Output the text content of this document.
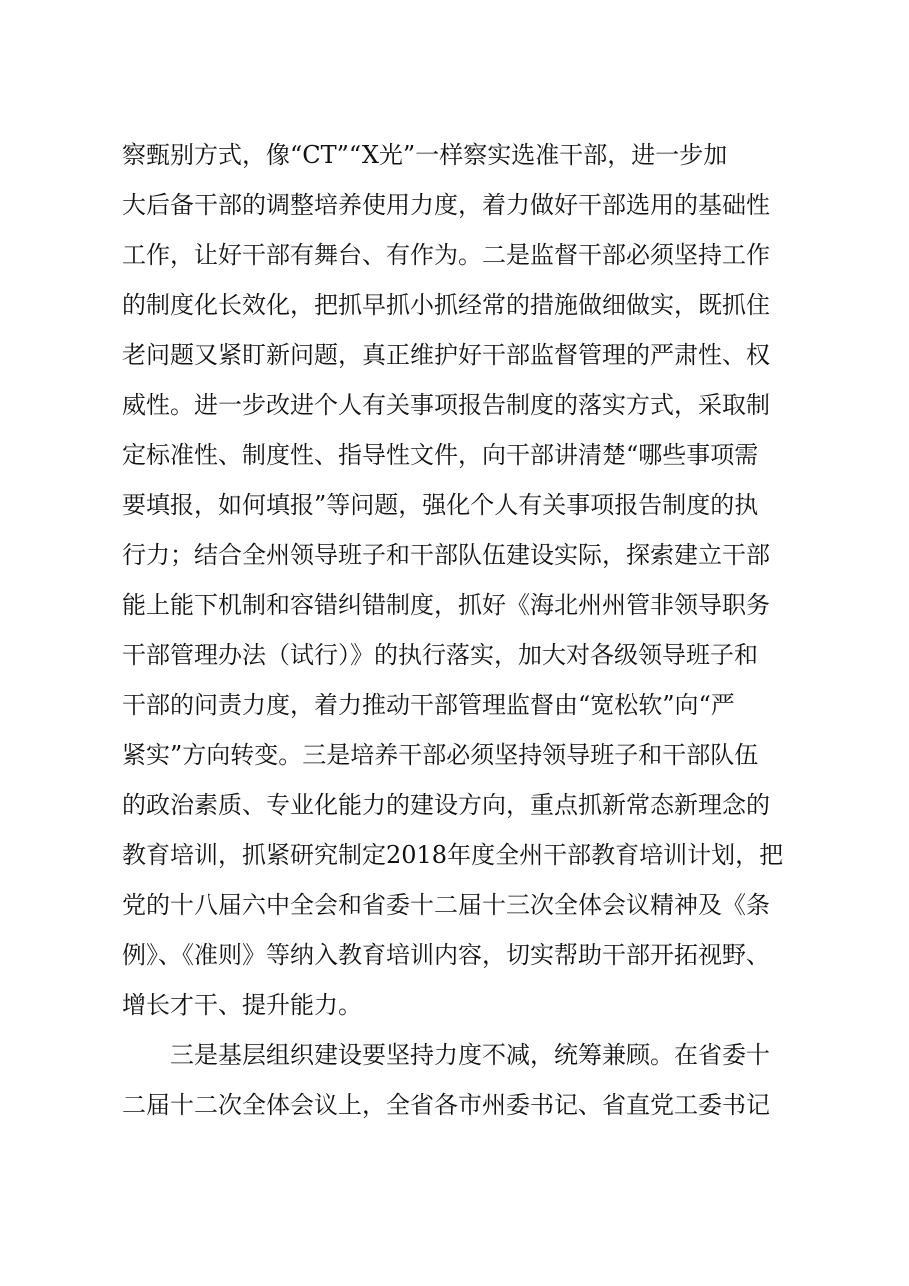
察甄别方式，像“CT”“X光”一样察实选准干部，进一步加
大后备干部的调整培养使用力度，着力做好干部选用的基础性
工作，让好干部有舞台、有作为。二是监督干部必须坚持工作
的制度化长效化，把抓早抓小抓经常的措施做细做实，既抓住
老问题又紧盯新问题，真正维护好干部监督管理的严肃性、权
威性。进一步改进个人有关事项报告制度的落实方式，采取制
定标准性、制度性、指导性文件，向干部讲清楚“哪些事项需
要填报，如何填报”等问题，强化个人有关事项报告制度的执
行力；结合全州领导班子和干部队伍建设实际，探索建立干部
能上能下机制和容错纠错制度，抓好《海北州州管非领导职务
干部管理办法（试行）》的执行落实，加大对各级领导班子和
干部的问责力度，着力推动干部管理监督由“宽松软”向“严
紧实”方向转变。三是培养干部必须坚持领导班子和干部队伍
的政治素质、专业化能力的建设方向，重点抓新常态新理念的
教育培训，抓紧研究制定2018年度全州干部教育培训计划，把
党的十八届六中全会和省委十二届十三次全体会议精神及《条
例》、《准则》等纳入教育培训内容，切实帮助干部开拓视野、
增长才干、提升能力。
三是基层组织建设要坚持力度不减，统筹兼顾。在省委十
二届十二次全体会议上，全省各市州委书记、省直党工委书记
